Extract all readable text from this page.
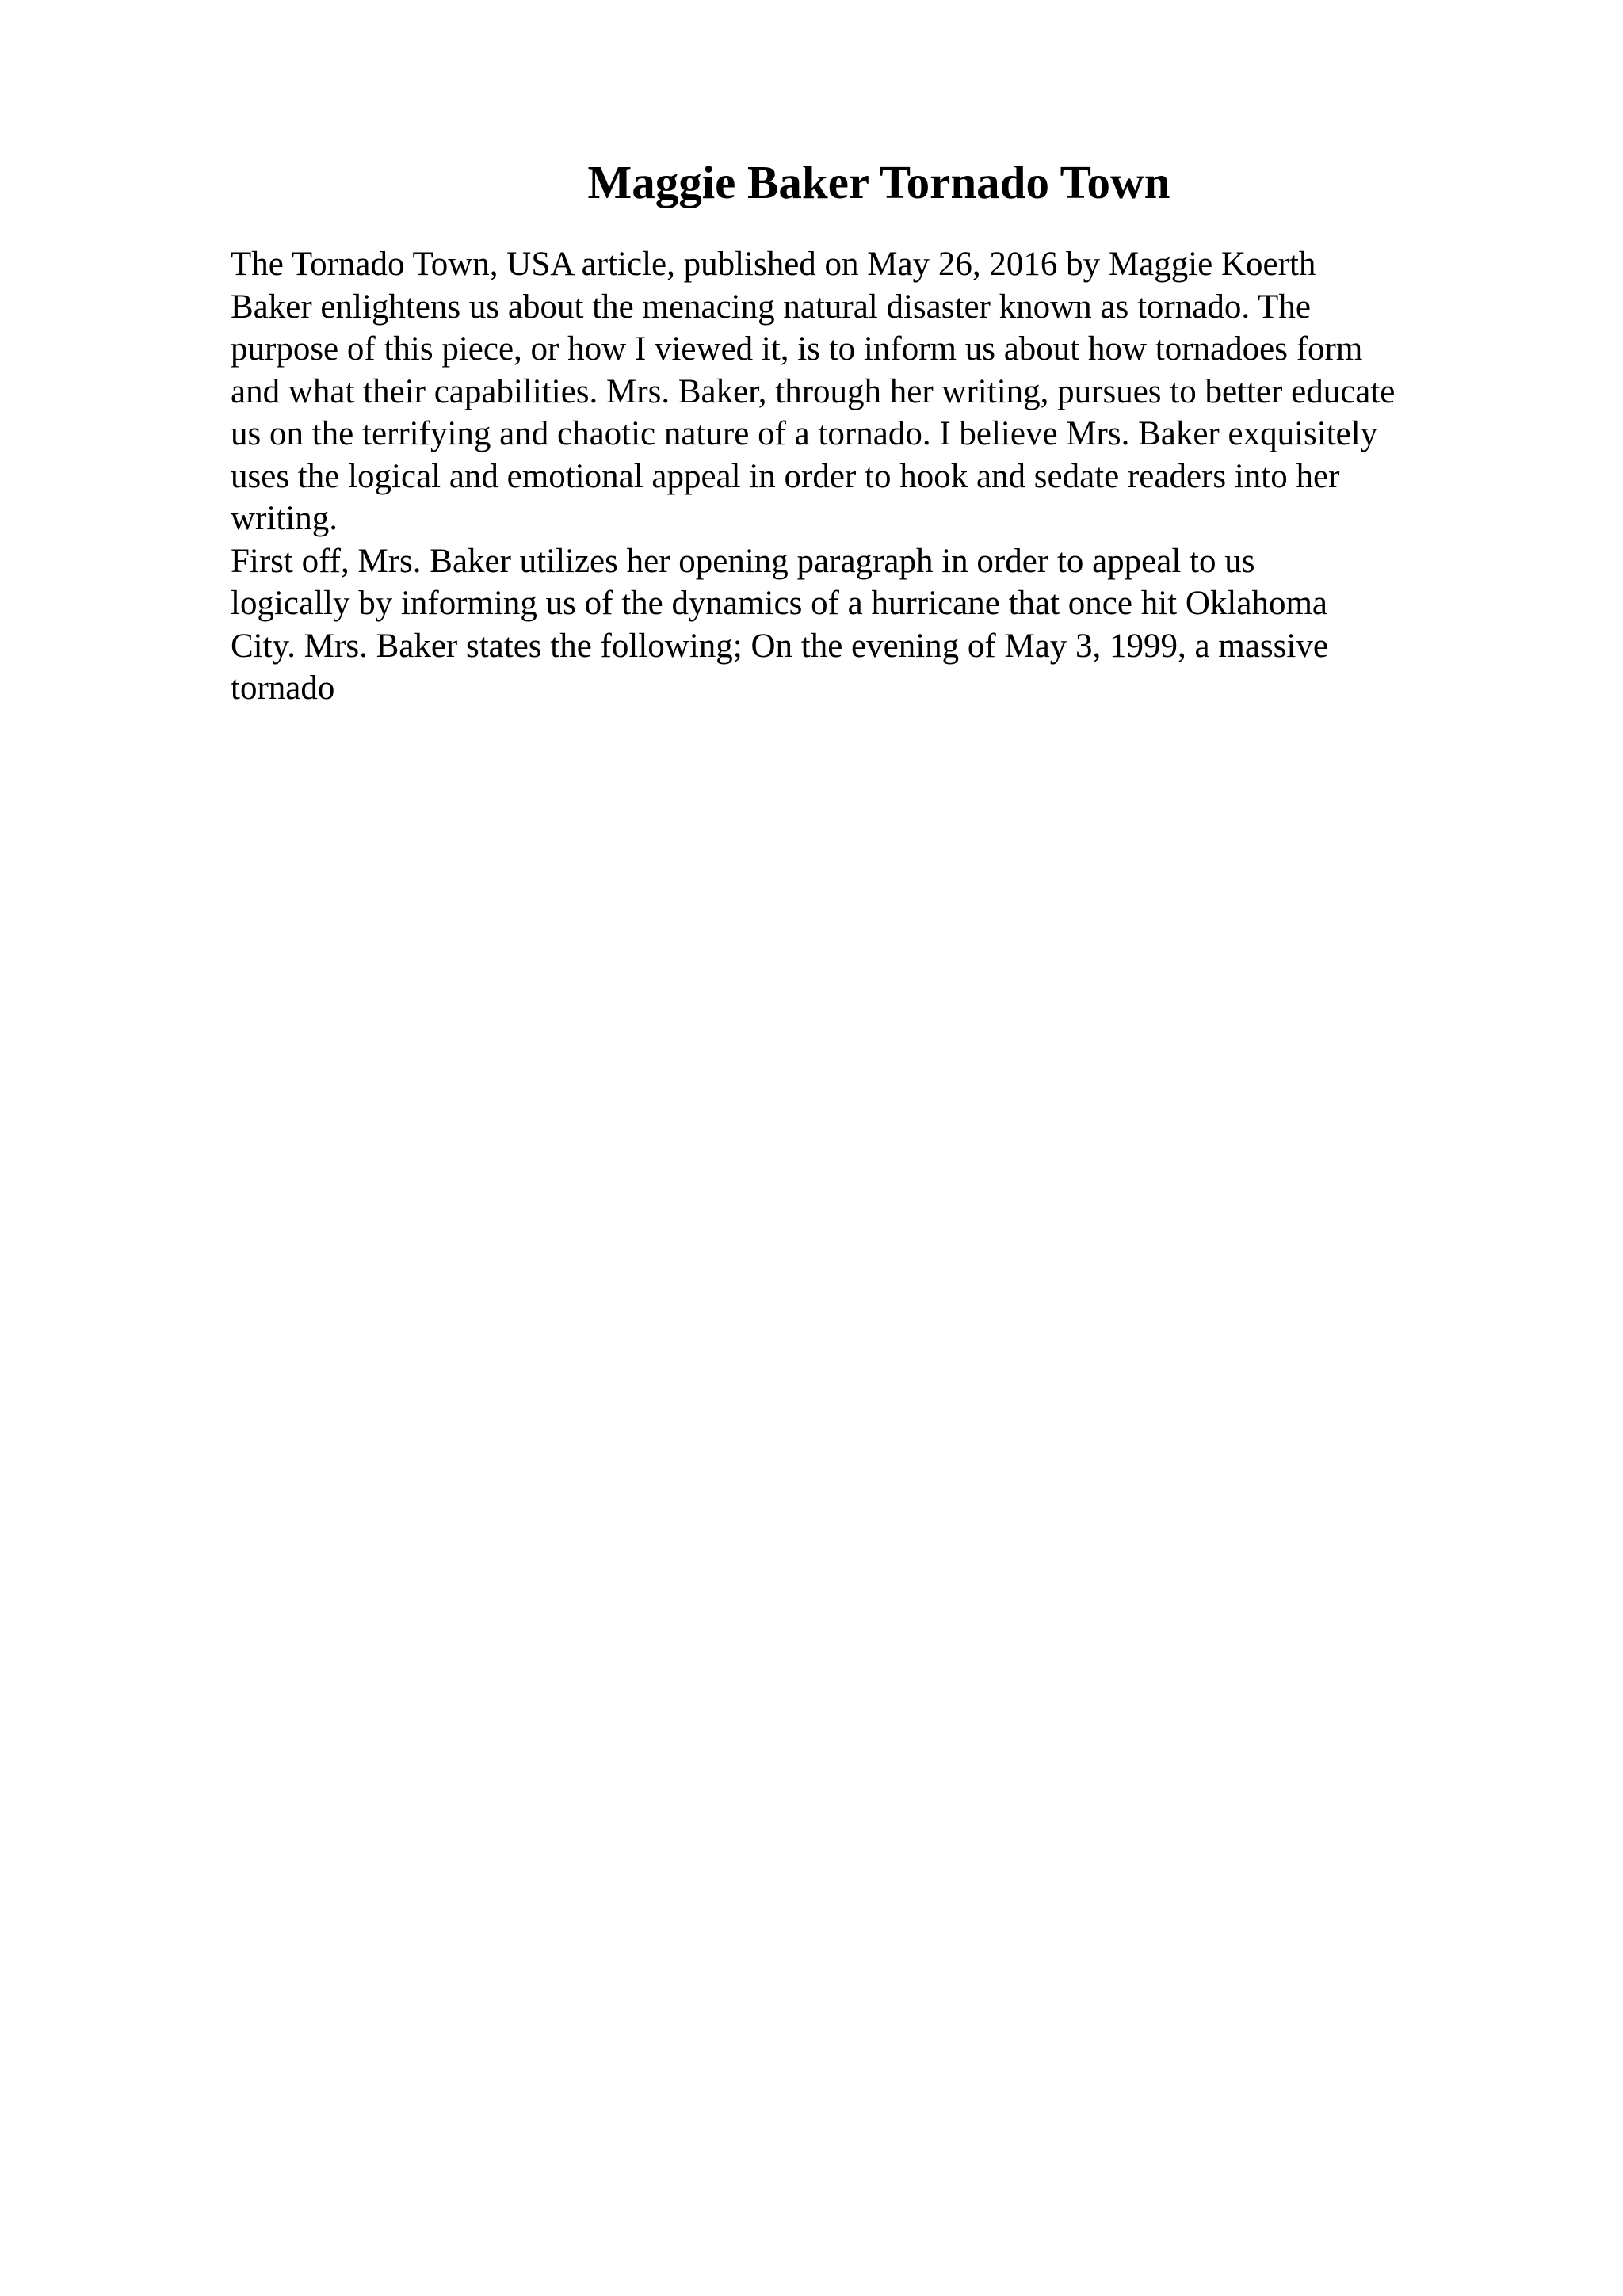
Maggie Baker Tornado Town
The Tornado Town, USA article, published on May 26, 2016 by Maggie Koerth
Baker enlightens us about the menacing natural disaster known as tornado. The
purpose of this piece, or how I viewed it, is to inform us about how tornadoes form
and what their capabilities. Mrs. Baker, through her writing, pursues to better educate
us on the terrifying and chaotic nature of a tornado. I believe Mrs. Baker exquisitely
uses the logical and emotional appeal in order to hook and sedate readers into her
writing.
First off, Mrs. Baker utilizes her opening paragraph in order to appeal to us
logically by informing us of the dynamics of a hurricane that once hit Oklahoma
City. Mrs. Baker states the following; On the evening of May 3, 1999, a massive
tornado
